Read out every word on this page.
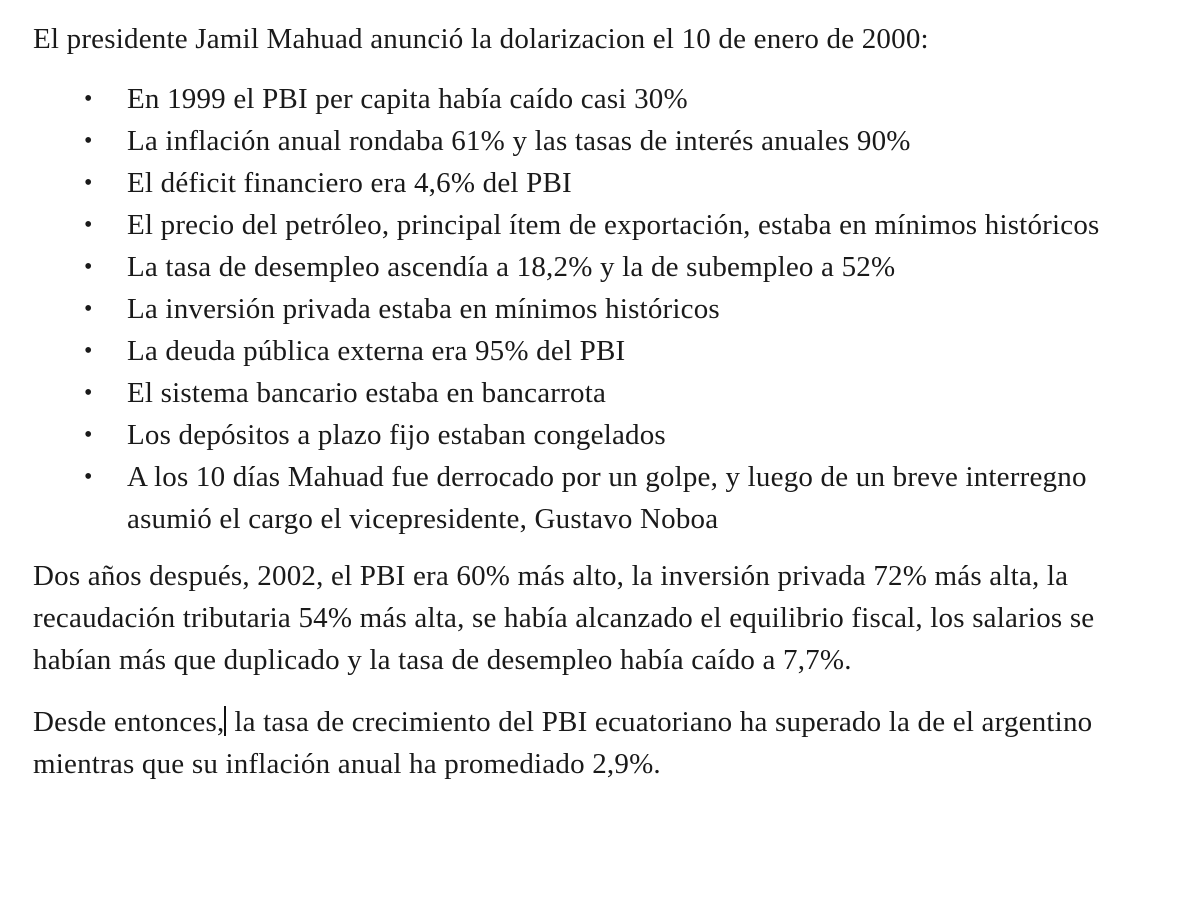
El presidente Jamil Mahuad anunció la dolarizacion el 10 de enero de 2000:

• En 1999 el PBI per capita había caído casi 30%
• La inflación anual rondaba 61% y las tasas de interés anuales 90%
• El déficit financiero era 4,6% del PBI
• El precio del petróleo, principal ítem de exportación, estaba en mínimos históricos
• La tasa de desempleo ascendía a 18,2% y la de subempleo a 52%
• La inversión privada estaba en mínimos históricos
• La deuda pública externa era 95% del PBI
• El sistema bancario estaba en bancarrota
• Los depósitos a plazo fijo estaban congelados
• A los 10 días Mahuad fue derrocado por un golpe, y luego de un breve interregno asumió el cargo el vicepresidente, Gustavo Noboa

Dos años después, 2002, el PBI era 60% más alto, la inversión privada 72% más alta, la recaudación tributaria 54% más alta, se había alcanzado el equilibrio fiscal, los salarios se habían más que duplicado y la tasa de desempleo había caído a 7,7%.

Desde entonces, la tasa de crecimiento del PBI ecuatoriano ha superado la de el argentino mientras que su inflación anual ha promediado 2,9%.
